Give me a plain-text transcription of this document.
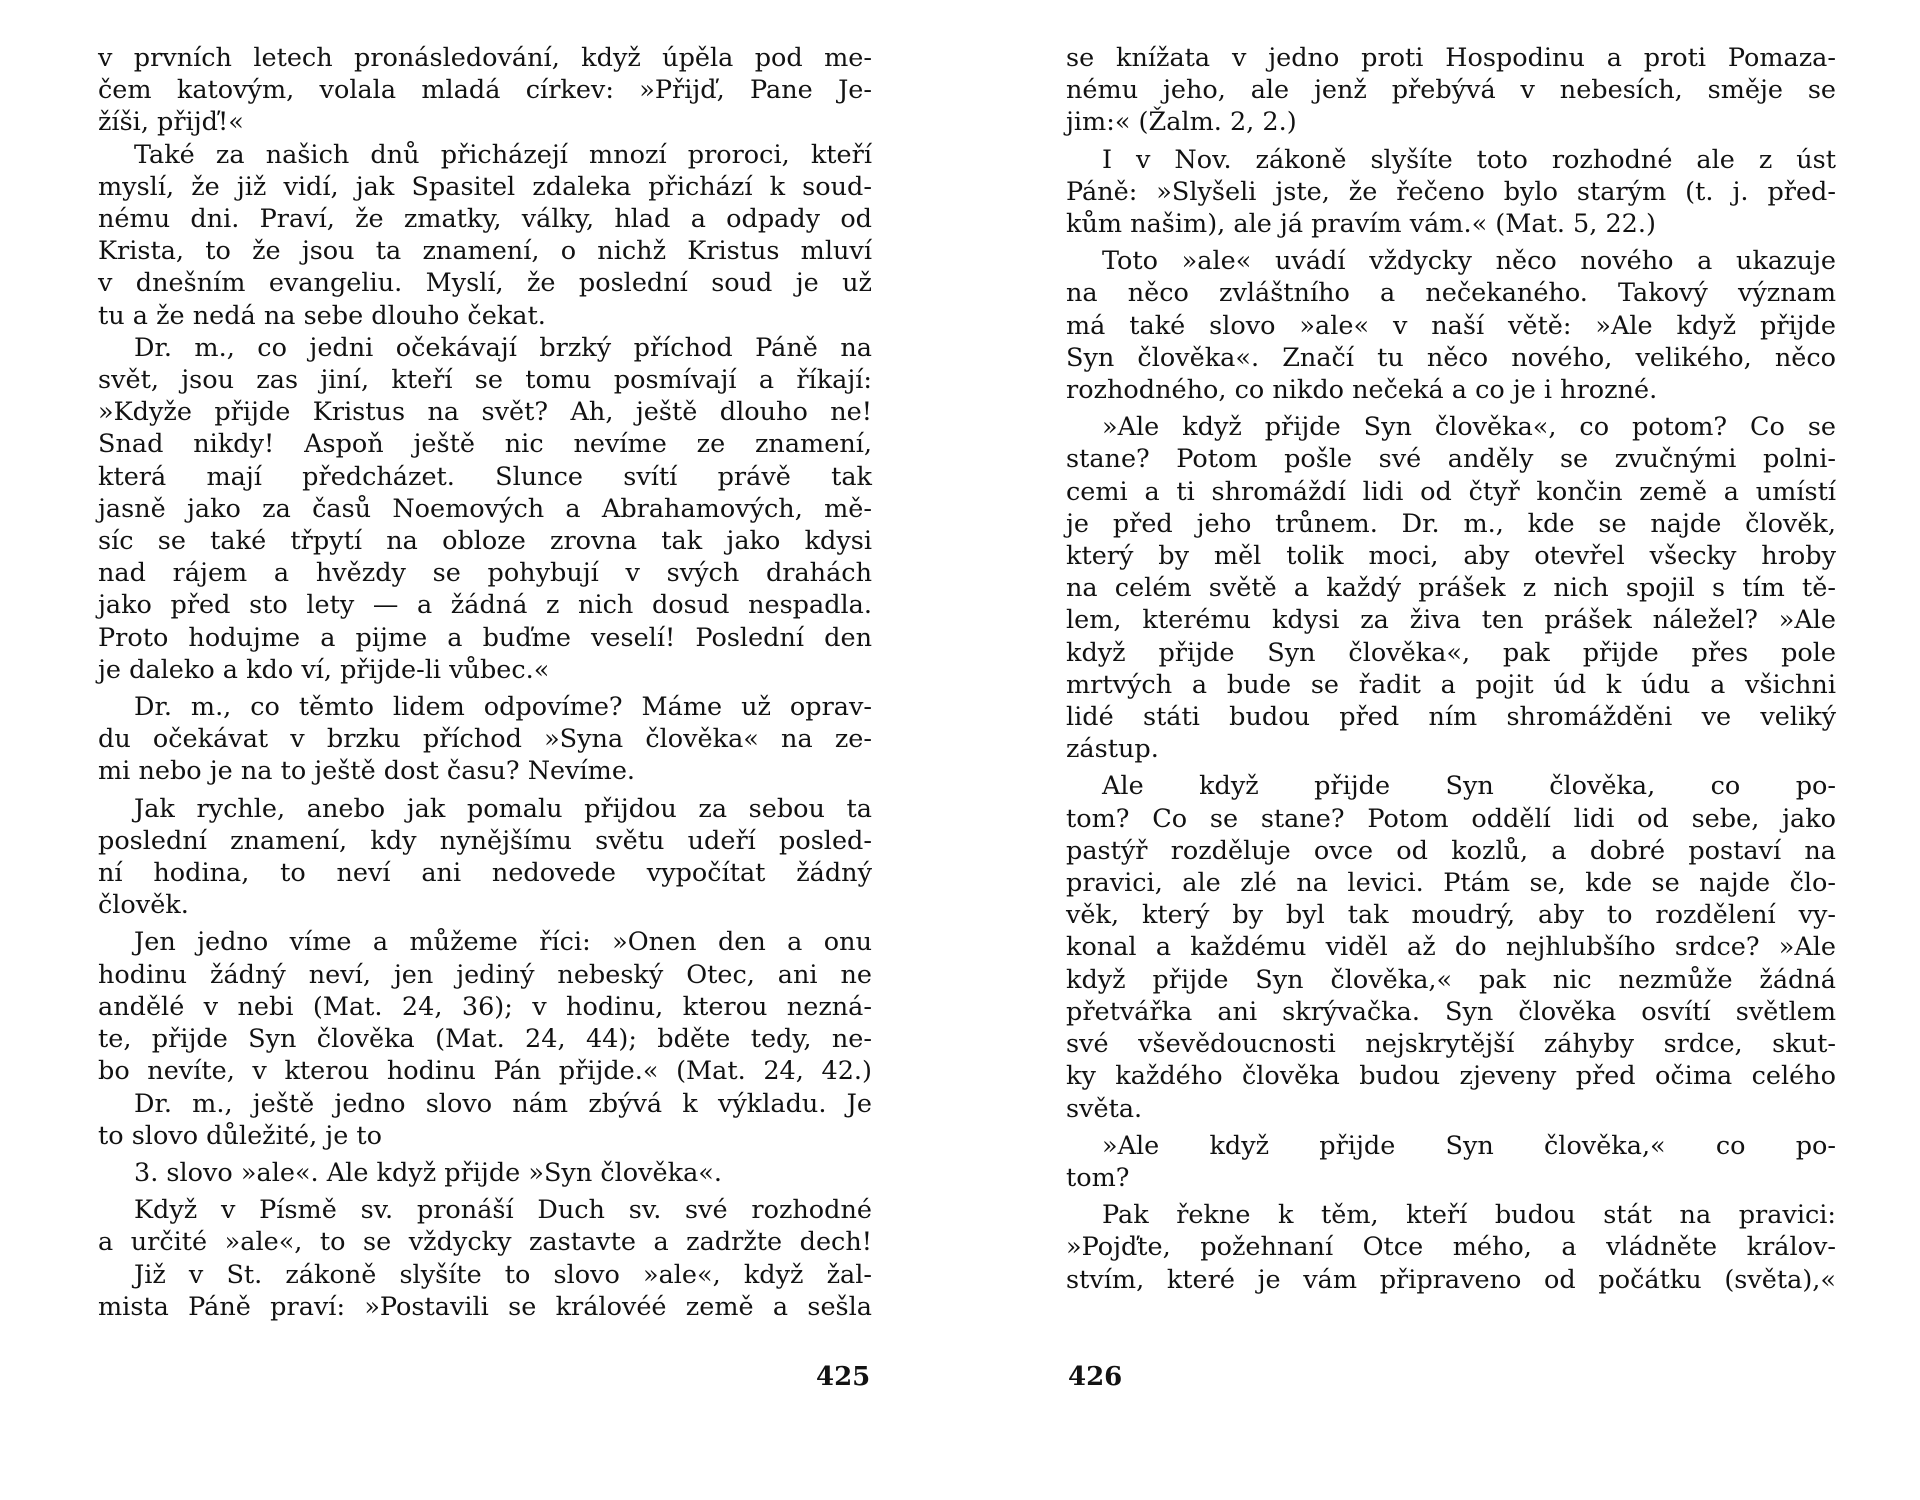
v prvních letech pronásledování, když úpěla pod me-
čem katovým, volala mladá církev: »Přijď, Pane Je-
žíši, přijď!«
Také za našich dnů přicházejí mnozí proroci, kteří
myslí, že již vidí, jak Spasitel zdaleka přichází k soud-
nému dni. Praví, že zmatky, války, hlad a odpady od
Krista, to že jsou ta znamení, o nichž Kristus mluví
v dnešním evangeliu. Myslí, že poslední soud je už
tu a že nedá na sebe dlouho čekat.
Dr. m., co jedni očekávají brzký příchod Páně na
svět, jsou zas jiní, kteří se tomu posmívají a říkají:
»Kdyže přijde Kristus na svět? Ah, ještě dlouho ne!
Snad nikdy! Aspoň ještě nic nevíme ze znamení,
která mají předcházet. Slunce svítí právě tak
jasně jako za časů Noemových a Abrahamových, mě-
síc se také třpytí na obloze zrovna tak jako kdysi
nad rájem a hvězdy se pohybují v svých drahách
jako před sto lety — a žádná z nich dosud nespadla.
Proto hodujme a pijme a buďme veselí! Poslední den
je daleko a kdo ví, přijde-li vůbec.«
Dr. m., co těmto lidem odpovíme? Máme už oprav-
du očekávat v brzku příchod »Syna člověka« na ze-
mi nebo je na to ještě dost času? Nevíme.
Jak rychle, anebo jak pomalu přijdou za sebou ta
poslední znamení, kdy nynějšímu světu udeří posled-
ní hodina, to neví ani nedovede vypočítat žádný
člověk.
Jen jedno víme a můžeme říci: »Onen den a onu
hodinu žádný neví, jen jediný nebeský Otec, ani ne
andělé v nebi (Mat. 24, 36); v hodinu, kterou nezná-
te, přijde Syn člověka (Mat. 24, 44); bděte tedy, ne-
bo nevíte, v kterou hodinu Pán přijde.« (Mat. 24, 42.)
Dr. m., ještě jedno slovo nám zbývá k výkladu. Je
to slovo důležité, je to
3. slovo »ale«. Ale když přijde »Syn člověka«.
Když v Písmě sv. pronáší Duch sv. své rozhodné
a určité »ale«, to se vždycky zastavte a zadržte dech!
Již v St. zákoně slyšíte to slovo »ale«, když žal-
mista Páně praví: »Postavili se královéé země a sešla
425
se knížata v jedno proti Hospodinu a proti Pomaza-
nému jeho, ale jenž přebývá v nebesích, směje se
jim:« (Žalm. 2, 2.)
I v Nov. zákoně slyšíte toto rozhodné ale z úst
Páně: »Slyšeli jste, že řečeno bylo starým (t. j. před-
kům našim), ale já pravím vám.« (Mat. 5, 22.)
Toto »ale« uvádí vždycky něco nového a ukazuje
na něco zvláštního a nečekaného. Takový význam
má také slovo »ale« v naší větě: »Ale když přijde
Syn člověka«. Značí tu něco nového, velikého, něco
rozhodného, co nikdo nečeká a co je i hrozné.
»Ale když přijde Syn člověka«, co potom? Co se
stane? Potom pošle své anděly se zvučnými polni-
cemi a ti shromáždí lidi od čtyř končin země a umístí
je před jeho trůnem. Dr. m., kde se najde člověk,
který by měl tolik moci, aby otevřel všecky hroby
na celém světě a každý prášek z nich spojil s tím tě-
lem, kterému kdysi za živa ten prášek náležel? »Ale
když přijde Syn člověka«, pak přijde přes pole
mrtvých a bude se řadit a pojit úd k údu a všichni
lidé státi budou před ním shromážděni ve veliký
zástup.
Ale když přijde Syn člověka, co po-
tom? Co se stane? Potom oddělí lidi od sebe, jako
pastýř rozděluje ovce od kozlů, a dobré postaví na
pravici, ale zlé na levici. Ptám se, kde se najde člo-
věk, který by byl tak moudrý, aby to rozdělení vy-
konal a každému viděl až do nejhlubšího srdce? »Ale
když přijde Syn člověka,« pak nic nezmůže žádná
přetvářka ani skrývačka. Syn člověka osvítí světlem
své vševědoucnosti nejskrytější záhyby srdce, skut-
ky každého člověka budou zjeveny před očima celého
světa.
»Ale když přijde Syn člověka,« co po-
tom?
Pak řekne k těm, kteří budou stát na pravici:
»Pojďte, požehnaní Otce mého, a vládněte králov-
stvím, které je vám připraveno od počátku (světa),«
426
